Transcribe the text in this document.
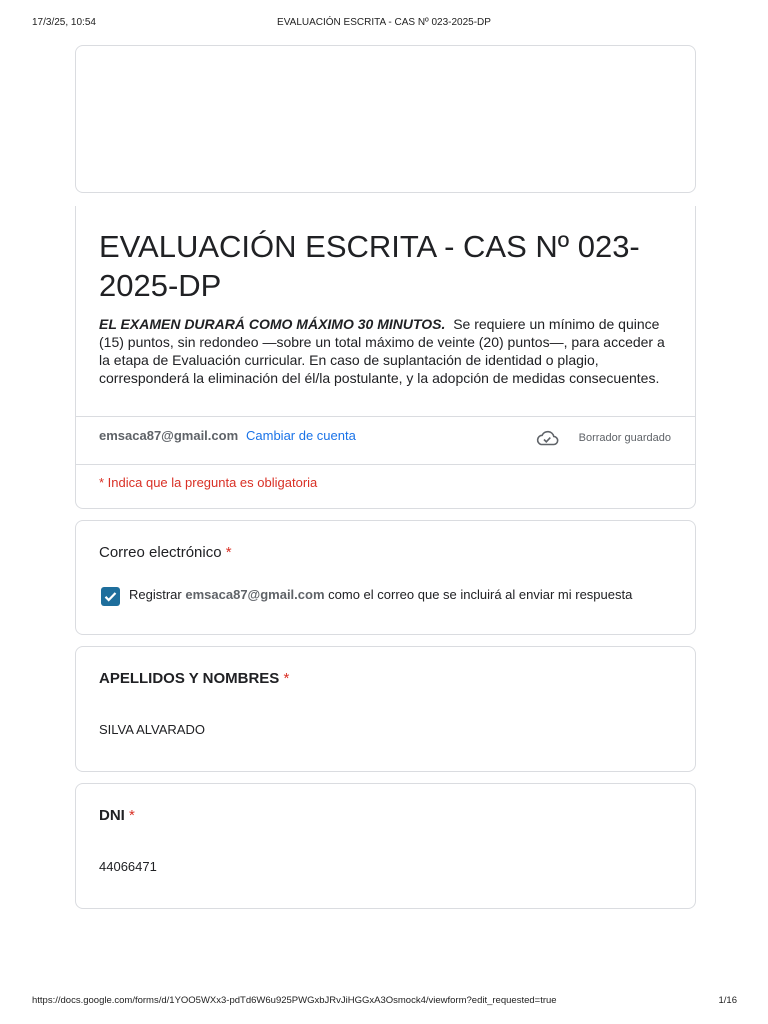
17/3/25, 10:54	EVALUACIÓN ESCRITA - CAS Nº 023-2025-DP
EVALUACIÓN ESCRITA - CAS Nº 023-2025-DP

EL EXAMEN DURARÁ COMO MÁXIMO 30 MINUTOS. Se requiere un mínimo de quince (15) puntos, sin redondeo —sobre un total máximo de veinte (20) puntos—, para acceder a la etapa de Evaluación curricular. En caso de suplantación de identidad o plagio, corresponderá la eliminación del él/la postulante, y la adopción de medidas consecuentes.

emsaca87@gmail.com Cambiar de cuenta	Borrador guardado
* Indica que la pregunta es obligatoria
Correo electrónico *
Registrar emsaca87@gmail.com como el correo que se incluirá al enviar mi respuesta
APELLIDOS Y NOMBRES *
SILVA ALVARADO
DNI *
44066471
https://docs.google.com/forms/d/1YOO5WXx3-pdTd6W6u925PWGxbJRvJiHGGxA3Osmock4/viewform?edit_requested=true	1/16
